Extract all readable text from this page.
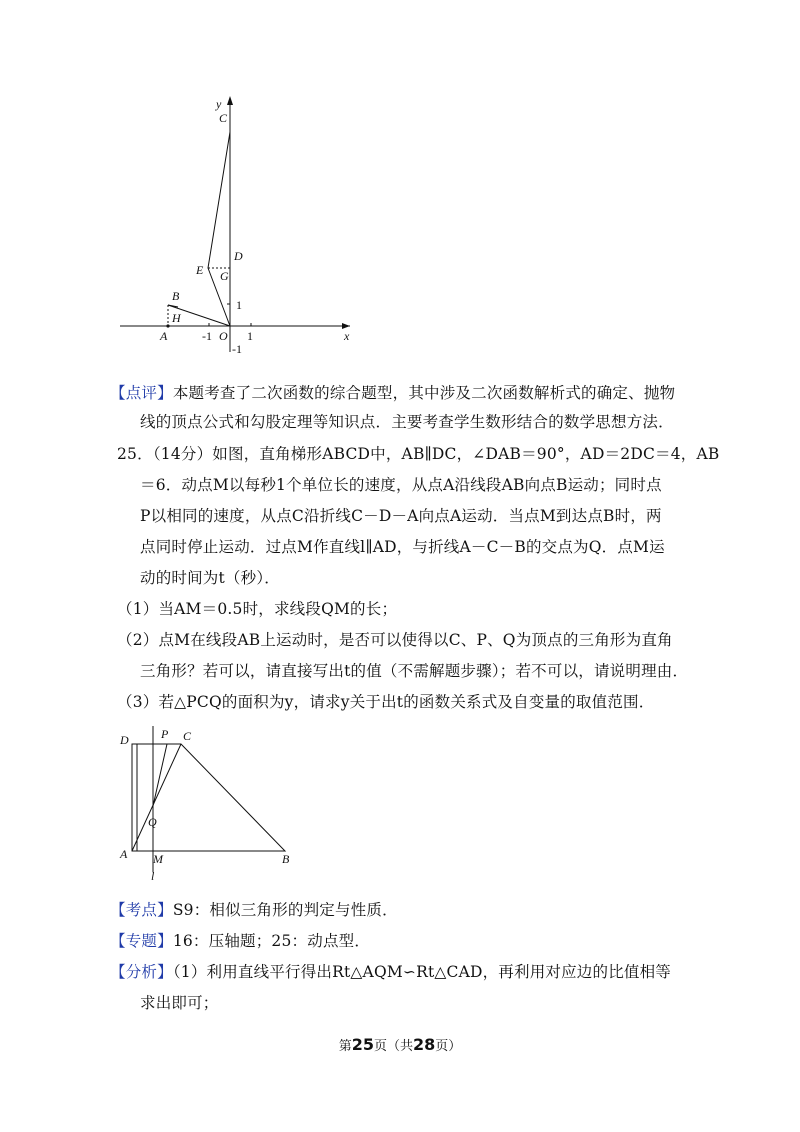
y
C
D
E G
B
H
1
A	-1 O 1	x
-1
【点评】本题考查了二次函数的综合题型，其中涉及二次函数解析式的确定、抛物
线的顶点公式和勾股定理等知识点．主要考查学生数形结合的数学思想方法．
25．（14分）如图，直角梯形ABCD中，AB∥DC，∠DAB＝90°，AD＝2DC＝4，AB
＝6．动点M以每秒1个单位长的速度，从点A沿线段AB向点B运动；同时点
P以相同的速度，从点C沿折线C－D－A向点A运动．当点M到达点B时，两
点同时停止运动．过点M作直线l∥AD，与折线A－C－B的交点为Q．点M运
动的时间为t（秒）．
（1）当AM＝0.5时，求线段QM的长；
（2）点M在线段AB上运动时，是否可以使得以C、P、Q为顶点的三角形为直角
三角形？若可以，请直接写出t的值（不需解题步骤）；若不可以，请说明理由．
（3）若△PCQ的面积为y，请求y关于出t的函数关系式及自变量的取值范围．
D	P C
Q
A M	B
l
【考点】S9：相似三角形的判定与性质．
【专题】16：压轴题；25：动点型．
【分析】（1）利用直线平行得出Rt△AQM∽Rt△CAD，再利用对应边的比值相等
求出即可；
第25页（共28页）
